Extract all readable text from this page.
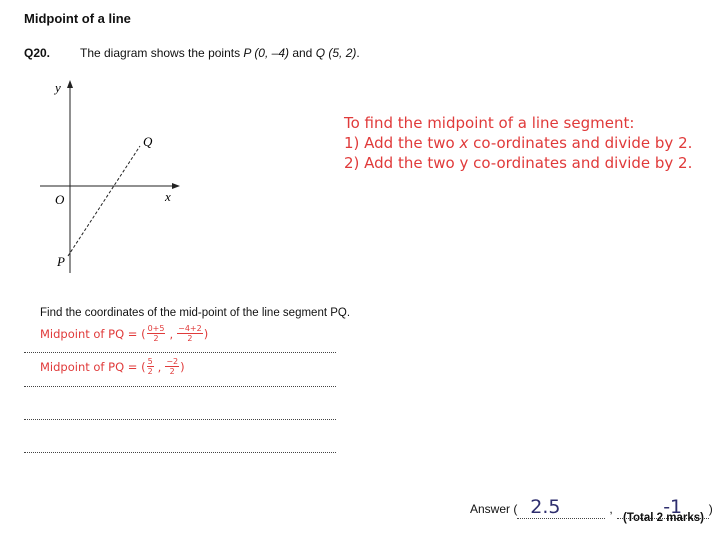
Midpoint of a line
Q20. The diagram shows the points P (0, –4) and Q (5, 2).
y
x
O
Q
P
To find the midpoint of a line segment:
1) Add the two x co-ordinates and divide by 2.
2) Add the two y co-ordinates and divide by 2.
Find the coordinates of the mid-point of the line segment PQ.
Midpoint of PQ = ( $\frac{0+5}{2}$ , $\frac{-4+2}{2}$ )
Midpoint of PQ = ( $\frac{5}{2}$ , $\frac{-2}{2}$ )
Answer ( 2.5	,	-1 )
(Total 2 marks)
